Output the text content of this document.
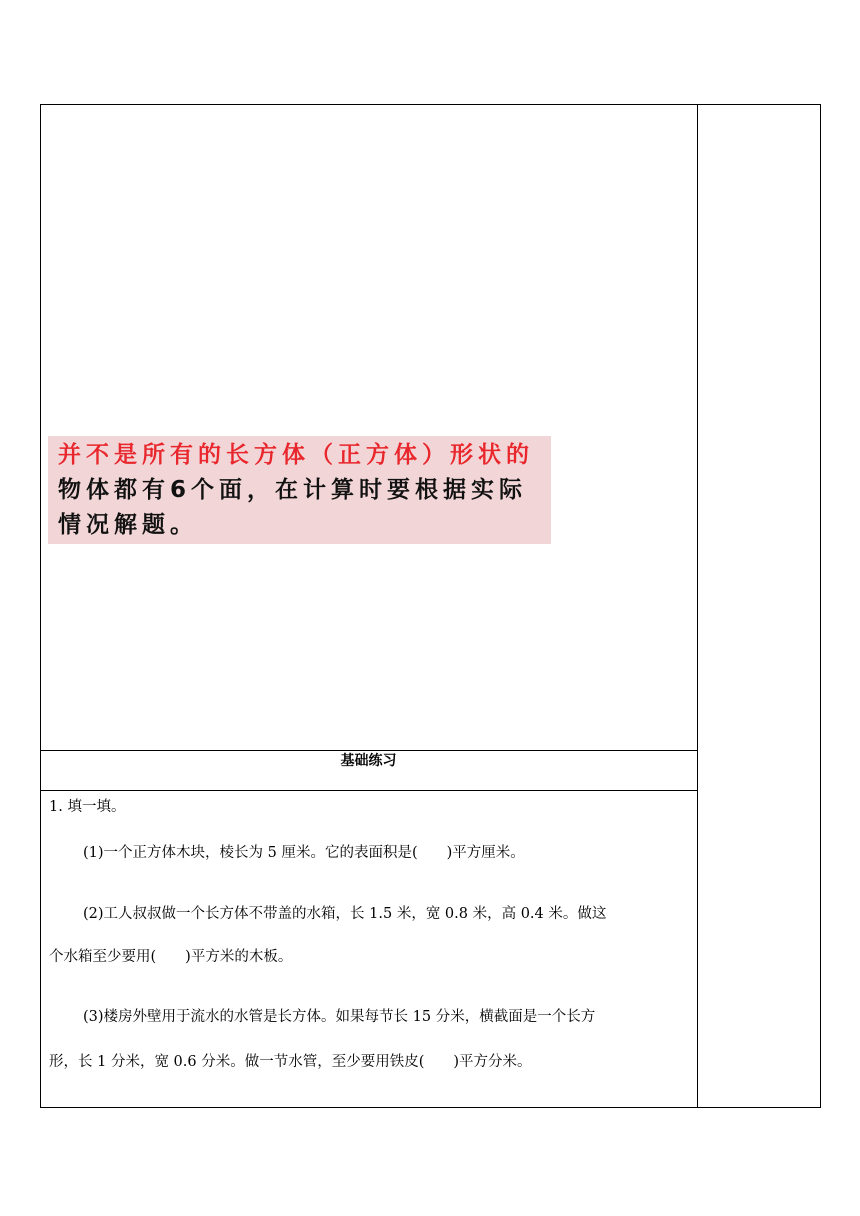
并不是所有的长方体（正方体）形状的
物体都有6个面，在计算时要根据实际
情况解题。
基础练习
1. 填一填。
(1)一个正方体木块，棱长为 5 厘米。它的表面积是(　　)平方厘米。
(2)工人叔叔做一个长方体不带盖的水箱，长 1.5 米，宽 0.8 米，高 0.4 米。做这
个水箱至少要用(　　)平方米的木板。
(3)楼房外壁用于流水的水管是长方体。如果每节长 15 分米，横截面是一个长方
形，长 1 分米，宽 0.6 分米。做一节水管，至少要用铁皮(　　)平方分米。
